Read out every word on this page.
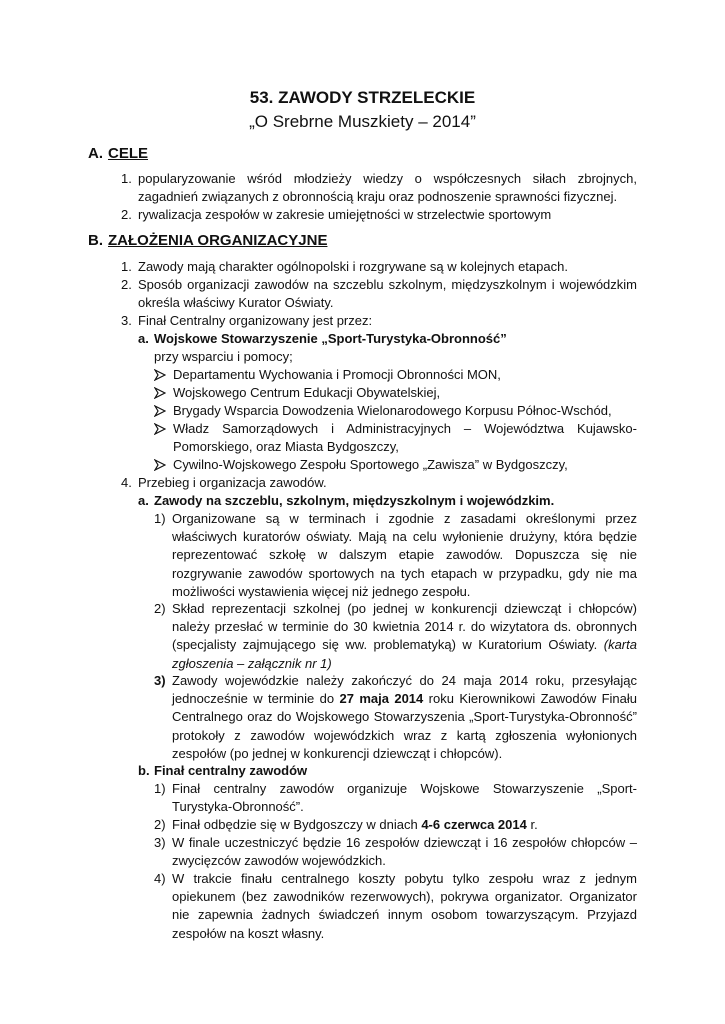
53. ZAWODY STRZELECKIE
„O Srebrne Muszkiety – 2014”
A. CELE
1. popularyzowanie wśród młodzieży wiedzy o współczesnych siłach zbrojnych, zagadnień związanych z obronnością kraju oraz podnoszenie sprawności fizycznej.
2. rywalizacja zespołów w zakresie umiejętności w strzelectwie sportowym
B. ZAŁOŻENIA ORGANIZACYJNE
1. Zawody mają charakter ogólnopolski i rozgrywane są w kolejnych etapach.
2. Sposób organizacji zawodów na szczeblu szkolnym, międzyszkolnym i wojewódzkim określa właściwy Kurator Oświaty.
3. Finał Centralny organizowany jest przez:
a. Wojskowe Stowarzyszenie „Sport-Turystyka-Obronność”
przy wsparciu i pomocy;
Departamentu Wychowania i Promocji Obronności MON,
Wojskowego Centrum Edukacji Obywatelskiej,
Brygady Wsparcia Dowodzenia Wielonarodowego Korpusu Północ-Wschód,
Władz Samorządowych i Administracyjnych – Województwa Kujawsko-Pomorskiego, oraz Miasta Bydgoszczy,
Cywilno-Wojskowego Zespołu Sportowego „Zawisza” w Bydgoszczy,
4. Przebieg i organizacja zawodów.
a. Zawody na szczeblu, szkolnym, międzyszkolnym i wojewódzkim.
1) Organizowane są w terminach i zgodnie z zasadami określonymi przez właściwych kuratorów oświaty. Mają na celu wyłonienie drużyny, która będzie reprezentować szkołę w dalszym etapie zawodów. Dopuszcza się nie rozgrywanie zawodów sportowych na tych etapach w przypadku, gdy nie ma możliwości wystawienia więcej niż jednego zespołu.
2) Skład reprezentacji szkolnej (po jednej w konkurencji dziewcząt i chłopców) należy przesłać w terminie do 30 kwietnia 2014 r. do wizytatora ds. obronnych (specjalisty zajmującego się ww. problematyką) w Kuratorium Oświaty. (karta zgłoszenia – załącznik nr 1)
3) Zawody wojewódzkie należy zakończyć do 24 maja 2014 roku, przesyłając jednocześnie w terminie do 27 maja 2014 roku Kierownikowi Zawodów Finału Centralnego oraz do Wojskowego Stowarzyszenia „Sport-Turystyka-Obronność” protokoły z zawodów wojewódzkich wraz z kartą zgłoszenia wyłonionych zespołów (po jednej w konkurencji dziewcząt i chłopców).
b. Finał centralny zawodów
1) Finał centralny zawodów organizuje Wojskowe Stowarzyszenie „Sport-Turystyka-Obronność”.
2) Finał odbędzie się w Bydgoszczy w dniach 4-6 czerwca 2014 r.
3) W finale uczestniczyć będzie 16 zespołów dziewcząt i 16 zespołów chłopców – zwycięzców zawodów wojewódzkich.
4) W trakcie finału centralnego koszty pobytu tylko zespołu wraz z jednym opiekunem (bez zawodników rezerwowych), pokrywa organizator. Organizator nie zapewnia żadnych świadczeń innym osobom towarzyszącym. Przyjazd zespołów na koszt własny.
